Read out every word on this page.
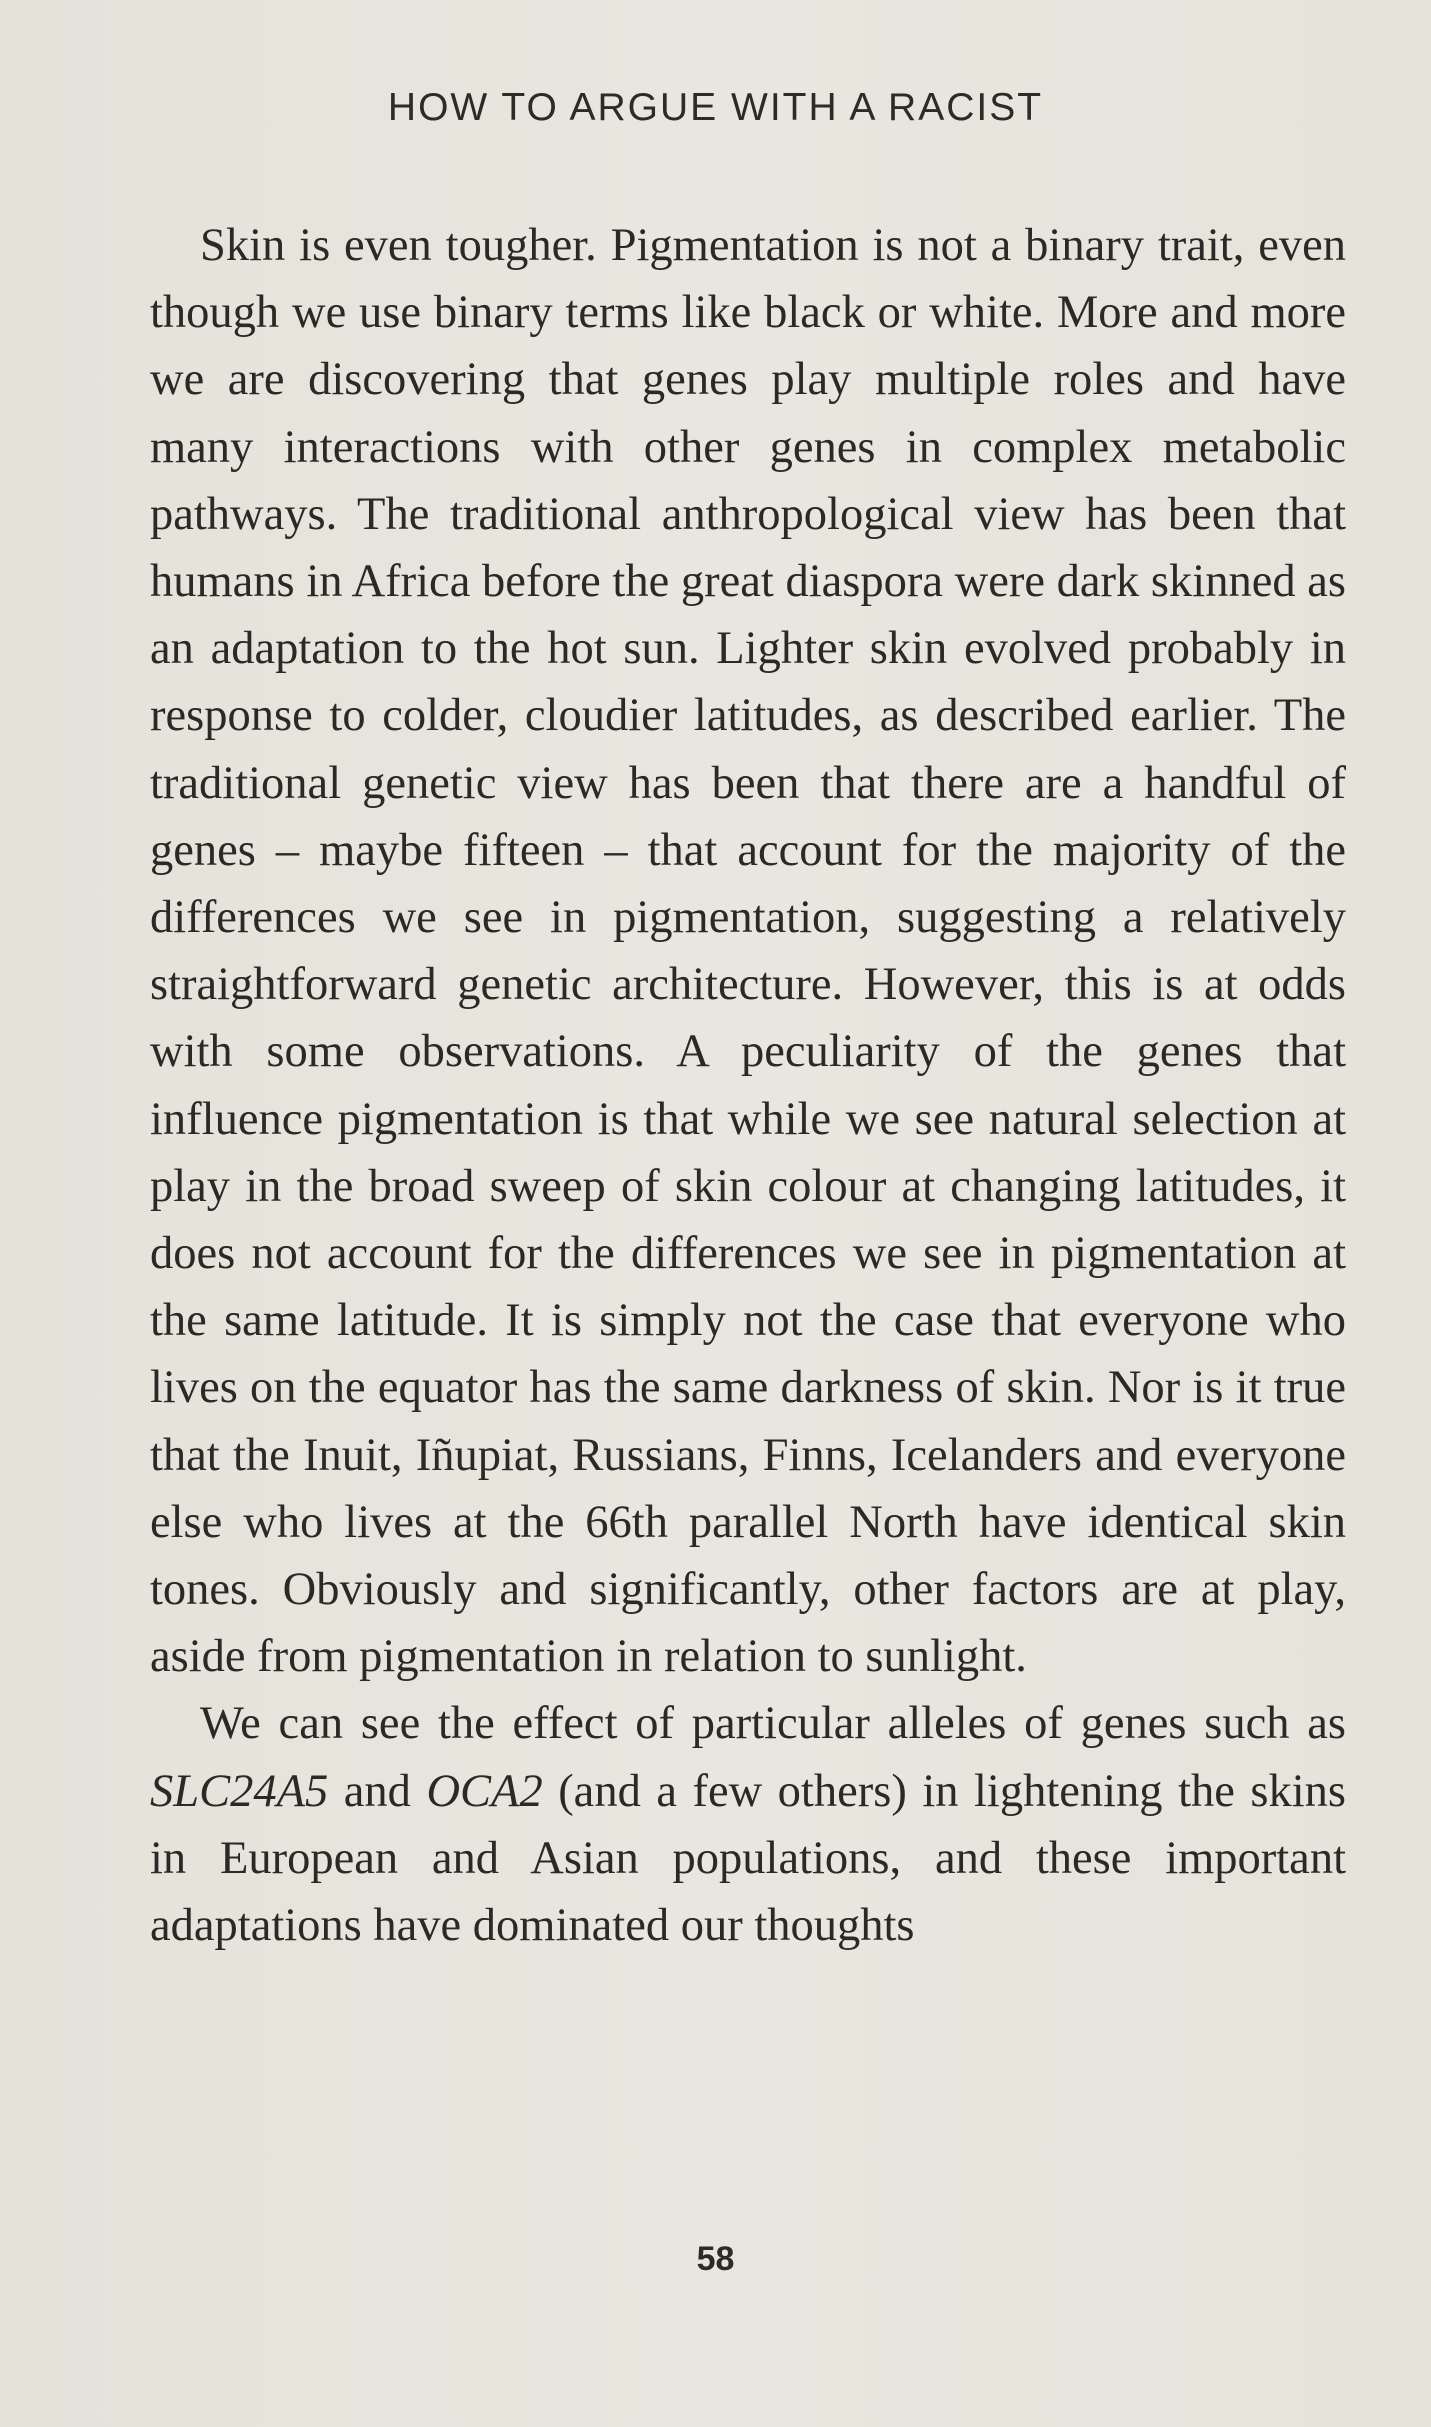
HOW TO ARGUE WITH A RACIST

Skin is even tougher. Pigmentation is not a binary trait, even though we use binary terms like black or white. More and more we are discovering that genes play multiple roles and have many interactions with other genes in complex metabolic pathways. The traditional anthropological view has been that humans in Africa before the great diaspora were dark skinned as an adaptation to the hot sun. Lighter skin evolved probably in response to colder, cloudier latitudes, as described earlier. The traditional genetic view has been that there are a handful of genes – maybe fifteen – that account for the majority of the differences we see in pigmentation, suggesting a relatively straightforward genetic architecture. However, this is at odds with some observations. A peculiarity of the genes that influence pigmentation is that while we see natural selection at play in the broad sweep of skin colour at changing latitudes, it does not account for the differences we see in pigmentation at the same latitude. It is simply not the case that everyone who lives on the equator has the same darkness of skin. Nor is it true that the Inuit, Iñupiat, Russians, Finns, Icelanders and everyone else who lives at the 66th parallel North have identical skin tones. Obviously and significantly, other factors are at play, aside from pigmentation in relation to sunlight.

We can see the effect of particular alleles of genes such as SLC24A5 and OCA2 (and a few others) in lightening the skins in European and Asian populations, and these important adaptations have dominated our thoughts

58
